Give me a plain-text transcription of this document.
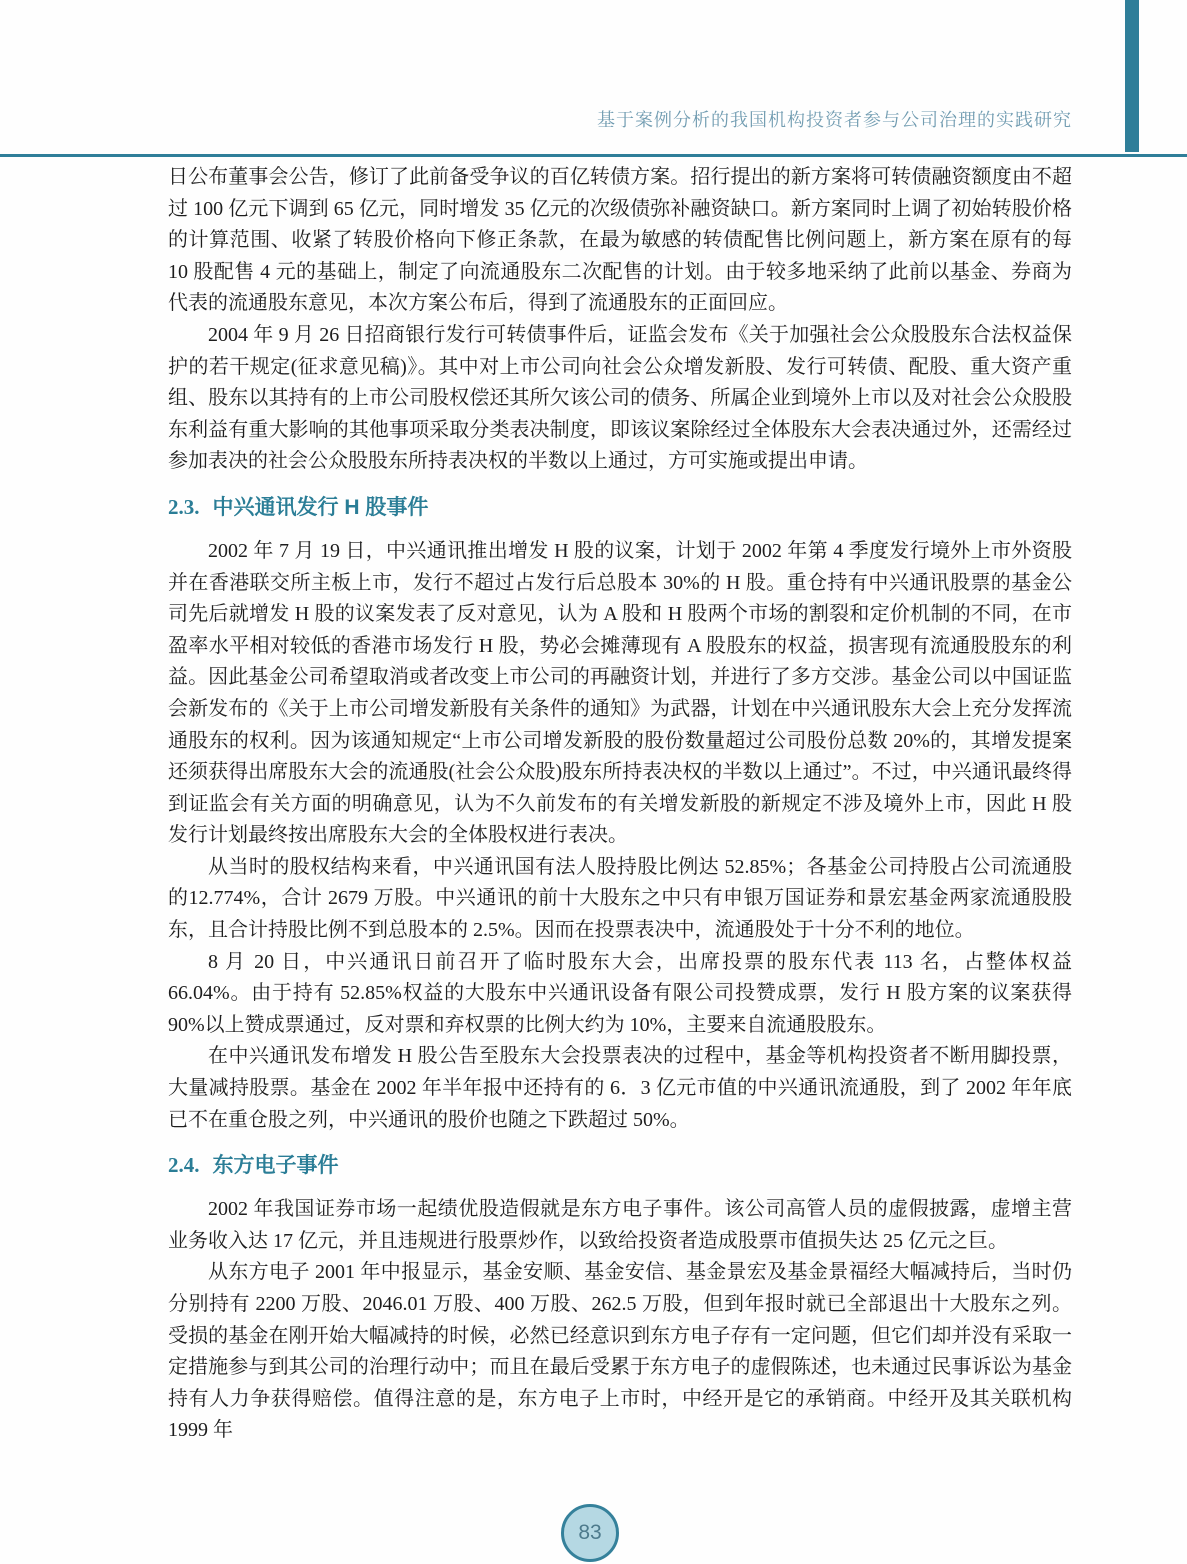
基于案例分析的我国机构投资者参与公司治理的实践研究

日公布董事会公告，修订了此前备受争议的百亿转债方案。招行提出的新方案将可转债融资额度由不超过 100 亿元下调到 65 亿元，同时增发 35 亿元的次级债弥补融资缺口。新方案同时上调了初始转股价格的计算范围、收紧了转股价格向下修正条款，在最为敏感的转债配售比例问题上，新方案在原有的每 10 股配售 4 元的基础上，制定了向流通股东二次配售的计划。由于较多地采纳了此前以基金、券商为代表的流通股东意见，本次方案公布后，得到了流通股东的正面回应。

2004 年 9 月 26 日招商银行发行可转债事件后，证监会发布《关于加强社会公众股股东合法权益保护的若干规定(征求意见稿)》。其中对上市公司向社会公众增发新股、发行可转债、配股、重大资产重组、股东以其持有的上市公司股权偿还其所欠该公司的债务、所属企业到境外上市以及对社会公众股股东利益有重大影响的其他事项采取分类表决制度，即该议案除经过全体股东大会表决通过外，还需经过参加表决的社会公众股股东所持表决权的半数以上通过，方可实施或提出申请。

2.3. 中兴通讯发行 H 股事件

2002 年 7 月 19 日，中兴通讯推出增发 H 股的议案，计划于 2002 年第 4 季度发行境外上市外资股并在香港联交所主板上市，发行不超过占发行后总股本 30%的 H 股。重仓持有中兴通讯股票的基金公司先后就增发 H 股的议案发表了反对意见，认为 A 股和 H 股两个市场的割裂和定价机制的不同，在市盈率水平相对较低的香港市场发行 H 股，势必会摊薄现有 A 股股东的权益，损害现有流通股股东的利益。因此基金公司希望取消或者改变上市公司的再融资计划，并进行了多方交涉。基金公司以中国证监会新发布的《关于上市公司增发新股有关条件的通知》为武器，计划在中兴通讯股东大会上充分发挥流通股东的权利。因为该通知规定“上市公司增发新股的股份数量超过公司股份总数 20%的，其增发提案还须获得出席股东大会的流通股(社会公众股)股东所持表决权的半数以上通过”。不过，中兴通讯最终得到证监会有关方面的明确意见，认为不久前发布的有关增发新股的新规定不涉及境外上市，因此 H 股发行计划最终按出席股东大会的全体股权进行表决。

从当时的股权结构来看，中兴通讯国有法人股持股比例达 52.85%；各基金公司持股占公司流通股的12.774%，合计 2679 万股。中兴通讯的前十大股东之中只有申银万国证券和景宏基金两家流通股股东，且合计持股比例不到总股本的 2.5%。因而在投票表决中，流通股处于十分不利的地位。

8 月 20 日，中兴通讯日前召开了临时股东大会，出席投票的股东代表 113 名，占整体权益 66.04%。由于持有 52.85%权益的大股东中兴通讯设备有限公司投赞成票，发行 H 股方案的议案获得 90%以上赞成票通过，反对票和弃权票的比例大约为 10%，主要来自流通股股东。

在中兴通讯发布增发 H 股公告至股东大会投票表决的过程中，基金等机构投资者不断用脚投票，大量减持股票。基金在 2002 年半年报中还持有的 6．3 亿元市值的中兴通讯流通股，到了 2002 年年底已不在重仓股之列，中兴通讯的股价也随之下跌超过 50%。

2.4. 东方电子事件

2002 年我国证券市场一起绩优股造假就是东方电子事件。该公司高管人员的虚假披露，虚增主营业务收入达 17 亿元，并且违规进行股票炒作，以致给投资者造成股票市值损失达 25 亿元之巨。

从东方电子 2001 年中报显示，基金安顺、基金安信、基金景宏及基金景福经大幅减持后，当时仍分别持有 2200 万股、2046.01 万股、400 万股、262.5 万股，但到年报时就已全部退出十大股东之列。受损的基金在刚开始大幅减持的时候，必然已经意识到东方电子存有一定问题，但它们却并没有采取一定措施参与到其公司的治理行动中；而且在最后受累于东方电子的虚假陈述，也未通过民事诉讼为基金持有人力争获得赔偿。值得注意的是，东方电子上市时，中经开是它的承销商。中经开及其关联机构 1999 年

83
